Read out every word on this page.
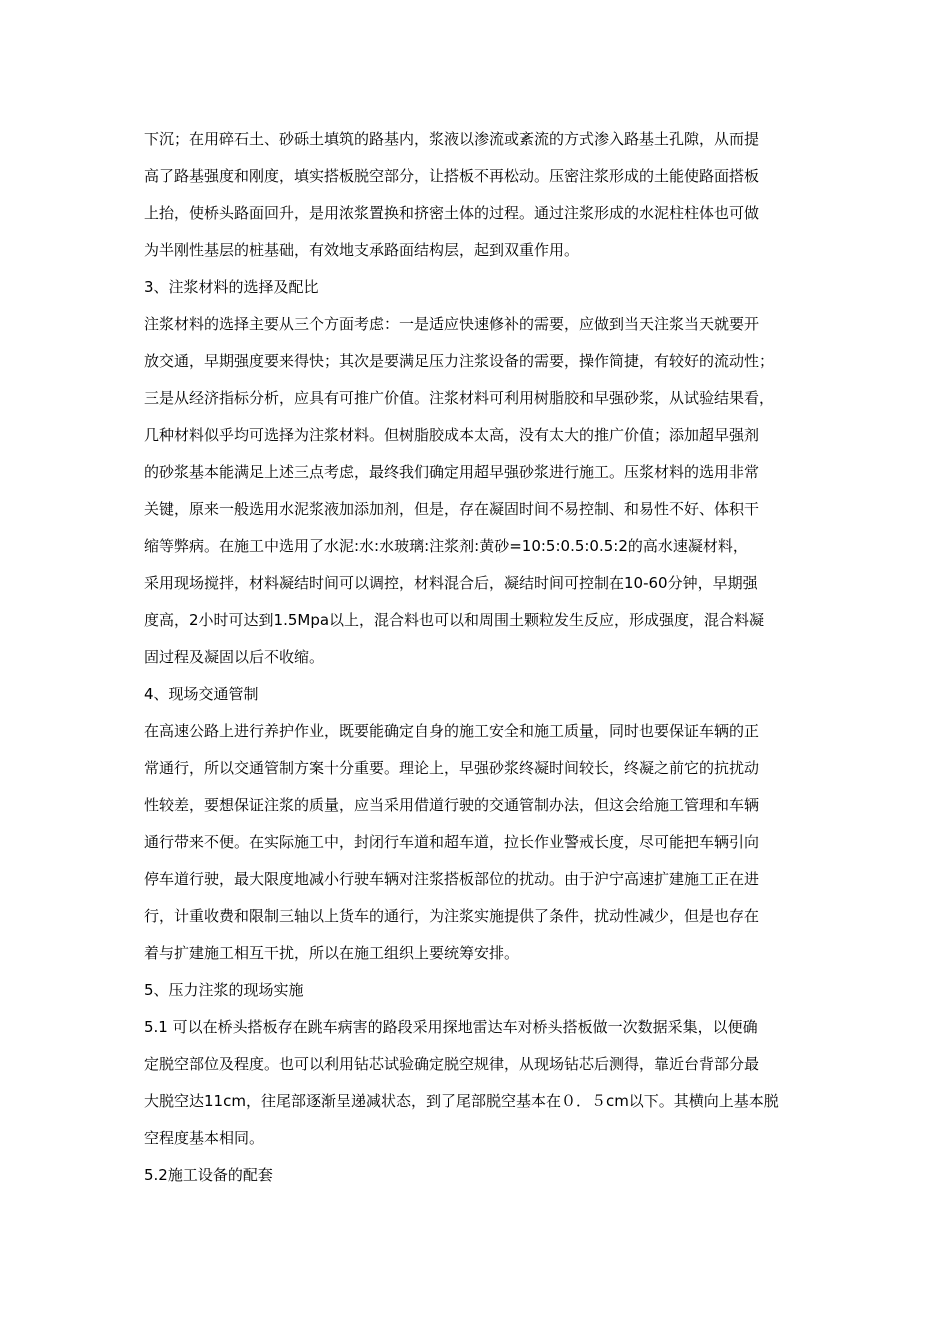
下沉；在用碎石土、砂砾土填筑的路基内，浆液以渗流或紊流的方式渗入路基土孔隙，从而提
高了路基强度和刚度，填实搭板脱空部分，让搭板不再松动。压密注浆形成的土能使路面搭板
上抬，使桥头路面回升，是用浓浆置换和挤密土体的过程。通过注浆形成的水泥柱柱体也可做
为半刚性基层的桩基础，有效地支承路面结构层，起到双重作用。
3、注浆材料的选择及配比
注浆材料的选择主要从三个方面考虑：一是适应快速修补的需要，应做到当天注浆当天就要开
放交通，早期强度要来得快；其次是要满足压力注浆设备的需要，操作简捷，有较好的流动性；
三是从经济指标分析，应具有可推广价值。注浆材料可利用树脂胶和早强砂浆，从试验结果看，
几种材料似乎均可选择为注浆材料。但树脂胶成本太高，没有太大的推广价值；添加超早强剂
的砂浆基本能满足上述三点考虑，最终我们确定用超早强砂浆进行施工。压浆材料的选用非常
关键，原来一般选用水泥浆液加添加剂，但是，存在凝固时间不易控制、和易性不好、体积干
缩等弊病。在施工中选用了水泥:水:水玻璃:注浆剂:黄砂=10:5:0.5:0.5:2的高水速凝材料，
采用现场搅拌，材料凝结时间可以调控，材料混合后，凝结时间可控制在10-60分钟，早期强
度高，2小时可达到1.5Mpa以上，混合料也可以和周围土颗粒发生反应，形成强度，混合料凝
固过程及凝固以后不收缩。
4、现场交通管制
在高速公路上进行养护作业，既要能确定自身的施工安全和施工质量，同时也要保证车辆的正
常通行，所以交通管制方案十分重要。理论上，早强砂浆终凝时间较长，终凝之前它的抗扰动
性较差，要想保证注浆的质量，应当采用借道行驶的交通管制办法，但这会给施工管理和车辆
通行带来不便。在实际施工中，封闭行车道和超车道，拉长作业警戒长度，尽可能把车辆引向
停车道行驶，最大限度地减小行驶车辆对注浆搭板部位的扰动。由于沪宁高速扩建施工正在进
行，计重收费和限制三轴以上货车的通行，为注浆实施提供了条件，扰动性减少，但是也存在
着与扩建施工相互干扰，所以在施工组织上要统筹安排。
5、压力注浆的现场实施
5.1 可以在桥头搭板存在跳车病害的路段采用探地雷达车对桥头搭板做一次数据采集，以便确
定脱空部位及程度。也可以利用钻芯试验确定脱空规律，从现场钻芯后测得，靠近台背部分最
大脱空达11cm，往尾部逐渐呈递减状态，到了尾部脱空基本在０．５cm以下。其横向上基本脱
空程度基本相同。
5.2施工设备的配套
